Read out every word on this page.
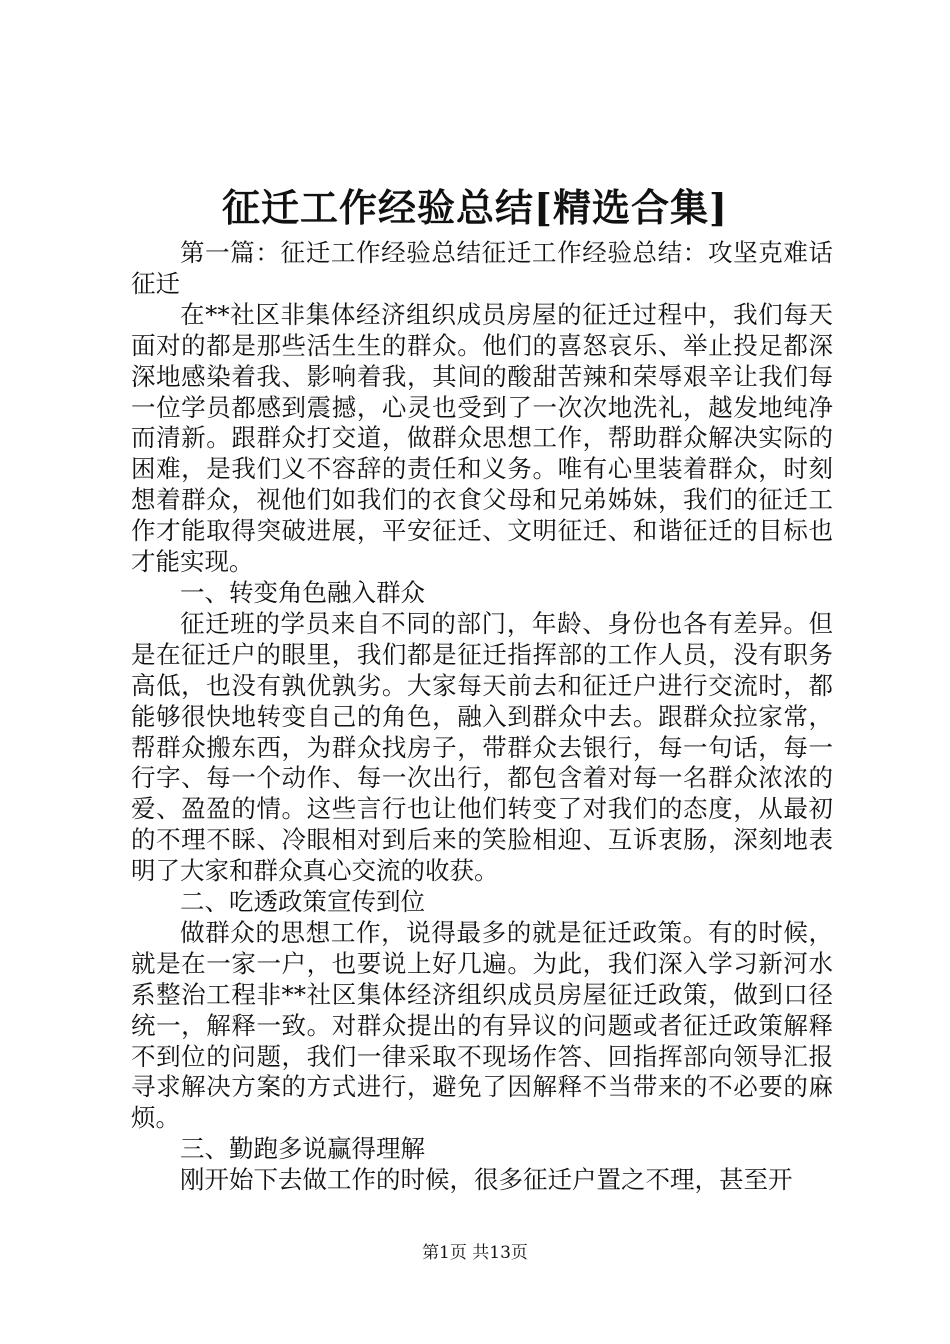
征迁工作经验总结[精选合集]

第一篇：征迁工作经验总结征迁工作经验总结：攻坚克难话征迁

在**社区非集体经济组织成员房屋的征迁过程中，我们每天面对的都是那些活生生的群众。他们的喜怒哀乐、举止投足都深深地感染着我、影响着我，其间的酸甜苦辣和荣辱艰辛让我们每一位学员都感到震撼，心灵也受到了一次次地洗礼，越发地纯净而清新。跟群众打交道，做群众思想工作，帮助群众解决实际的困难，是我们义不容辞的责任和义务。唯有心里装着群众，时刻想着群众，视他们如我们的衣食父母和兄弟姊妹，我们的征迁工作才能取得突破进展，平安征迁、文明征迁、和谐征迁的目标也才能实现。

一、转变角色融入群众

征迁班的学员来自不同的部门，年龄、身份也各有差异。但是在征迁户的眼里，我们都是征迁指挥部的工作人员，没有职务高低，也没有孰优孰劣。大家每天前去和征迁户进行交流时，都能够很快地转变自己的角色，融入到群众中去。跟群众拉家常，帮群众搬东西，为群众找房子，带群众去银行，每一句话，每一行字、每一个动作、每一次出行，都包含着对每一名群众浓浓的爱、盈盈的情。这些言行也让他们转变了对我们的态度，从最初的不理不睬、冷眼相对到后来的笑脸相迎、互诉衷肠，深刻地表明了大家和群众真心交流的收获。

二、吃透政策宣传到位

做群众的思想工作，说得最多的就是征迁政策。有的时候，就是在一家一户，也要说上好几遍。为此，我们深入学习新河水系整治工程非**社区集体经济组织成员房屋征迁政策，做到口径统一，解释一致。对群众提出的有异议的问题或者征迁政策解释不到位的问题，我们一律采取不现场作答、回指挥部向领导汇报寻求解决方案的方式进行，避免了因解释不当带来的不必要的麻烦。

三、勤跑多说赢得理解

刚开始下去做工作的时候，很多征迁户置之不理，甚至开

第1页 共13页
